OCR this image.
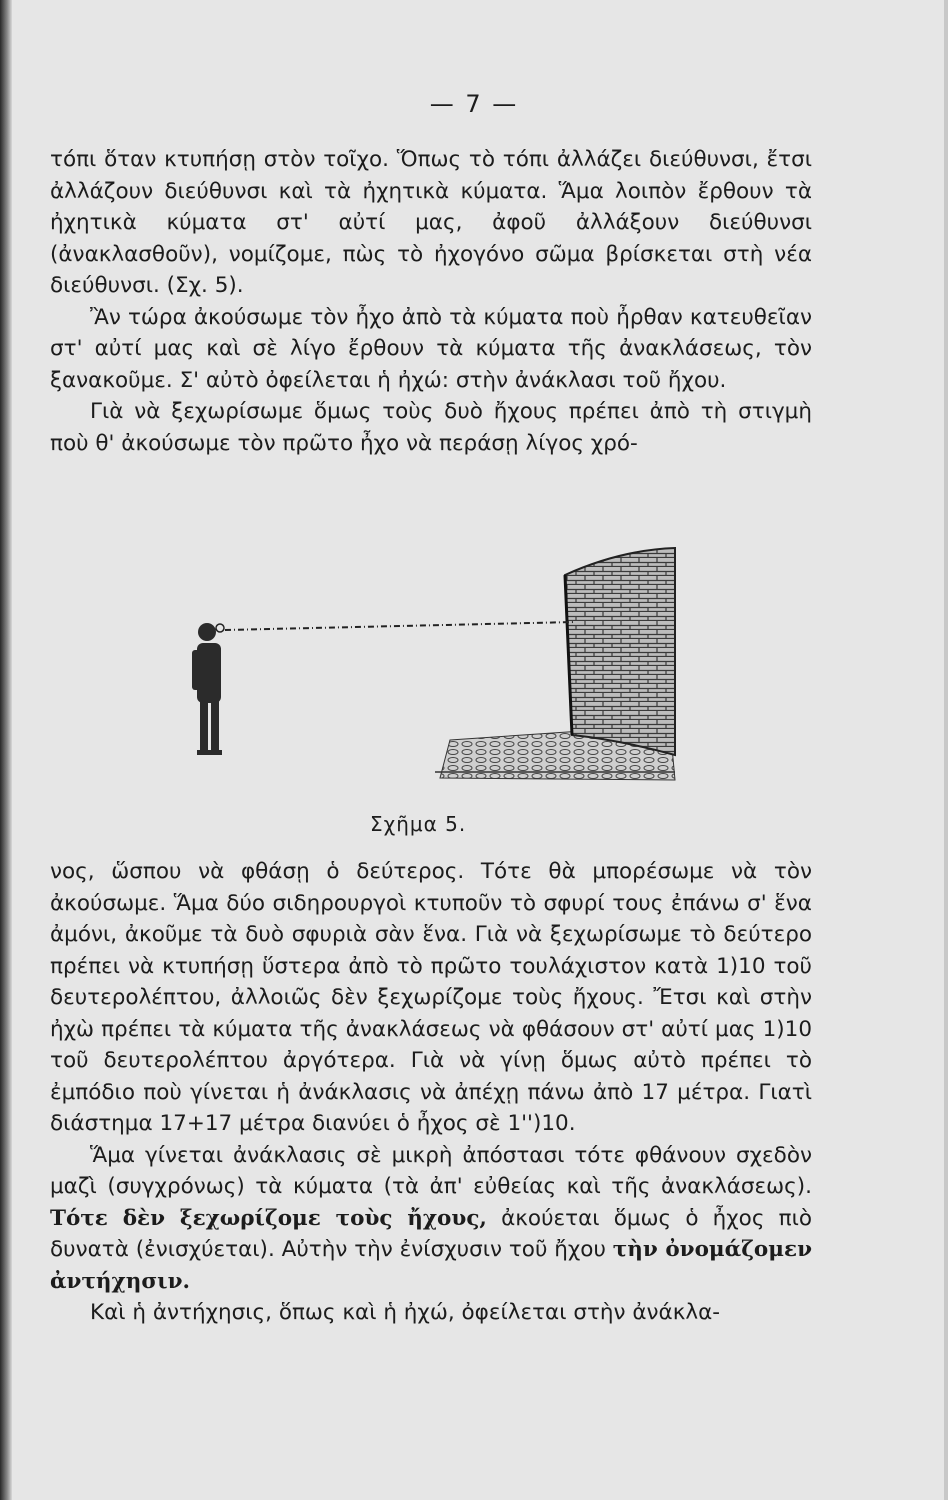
— 7 —

τόπι ὅταν κτυπήσῃ στὸν τοῖχο. Ὅπως τὸ τόπι ἀλλάζει διεύθυνσι, ἔτσι ἀλλάζουν διεύθυνσι καὶ τὰ ἠχητικὰ κύματα. Ἅμα λοιπὸν ἔρθουν τὰ ἠχητικὰ κύματα στ' αὐτί μας, ἀφοῦ ἀλλάξουν διεύθυνσι (ἀνακλασθοῦν), νομίζομε, πὼς τὸ ἠχογόνο σῶμα βρίσκεται στὴ νέα διεύθυνσι. (Σχ. 5).

Ἂν τώρα ἀκούσωμε τὸν ἦχο ἀπὸ τὰ κύματα ποὺ ἦρθαν κατευθεῖαν στ' αὐτί μας καὶ σὲ λίγο ἔρθουν τὰ κύματα τῆς ἀνακλάσεως, τὸν ξανακοῦμε. Σ' αὐτὸ ὀφείλεται ἡ ἠχώ: στὴν ἀνάκλασι τοῦ ἤχου.

Γιὰ νὰ ξεχωρίσωμε ὅμως τοὺς δυὸ ἤχους πρέπει ἀπὸ τὴ στιγμὴ ποὺ θ' ἀκούσωμε τὸν πρῶτο ἦχο νὰ περάσῃ λίγος χρό-

Σχῆμα 5.

νος, ὥσπου νὰ φθάσῃ ὁ δεύτερος. Τότε θὰ μπορέσωμε νὰ τὸν ἀκούσωμε. Ἅμα δύο σιδηρουργοὶ κτυποῦν τὸ σφυρί τους ἐπάνω σ' ἕνα ἀμόνι, ἀκοῦμε τὰ δυὸ σφυριὰ σὰν ἕνα. Γιὰ νὰ ξεχωρίσωμε τὸ δεύτερο πρέπει νὰ κτυπήσῃ ὕστερα ἀπὸ τὸ πρῶτο τουλάχιστον κατὰ 1)10 τοῦ δευτερολέπτου, ἀλλοιῶς δὲν ξεχωρίζομε τοὺς ἤχους. Ἔτσι καὶ στὴν ἠχὼ πρέπει τὰ κύματα τῆς ἀνακλάσεως νὰ φθάσουν στ' αὐτί μας 1)10 τοῦ δευτερολέπτου ἀργότερα. Γιὰ νὰ γίνῃ ὅμως αὐτὸ πρέπει τὸ ἐμπόδιο ποὺ γίνεται ἡ ἀνάκλασις νὰ ἀπέχῃ πάνω ἀπὸ 17 μέτρα. Γιατὶ διάστημα 17+17 μέτρα διανύει ὁ ἦχος σὲ 1'')10.

Ἅμα γίνεται ἀνάκλασις σὲ μικρὴ ἀπόστασι τότε φθάνουν σχεδὸν μαζὶ (συγχρόνως) τὰ κύματα (τὰ ἀπ' εὐθείας καὶ τῆς ἀνακλάσεως). Τότε δὲν ξεχωρίζομε τοὺς ἤχους, ἀκούεται ὅμως ὁ ἦχος πιὸ δυνατὰ (ἐνισχύεται). Αὐτὴν τὴν ἐνίσχυσιν τοῦ ἤχου τὴν ὀνομάζομεν ἀντήχησιν.

Καὶ ἡ ἀντήχησις, ὅπως καὶ ἡ ἠχώ, ὀφείλεται στὴν ἀνάκλα-
